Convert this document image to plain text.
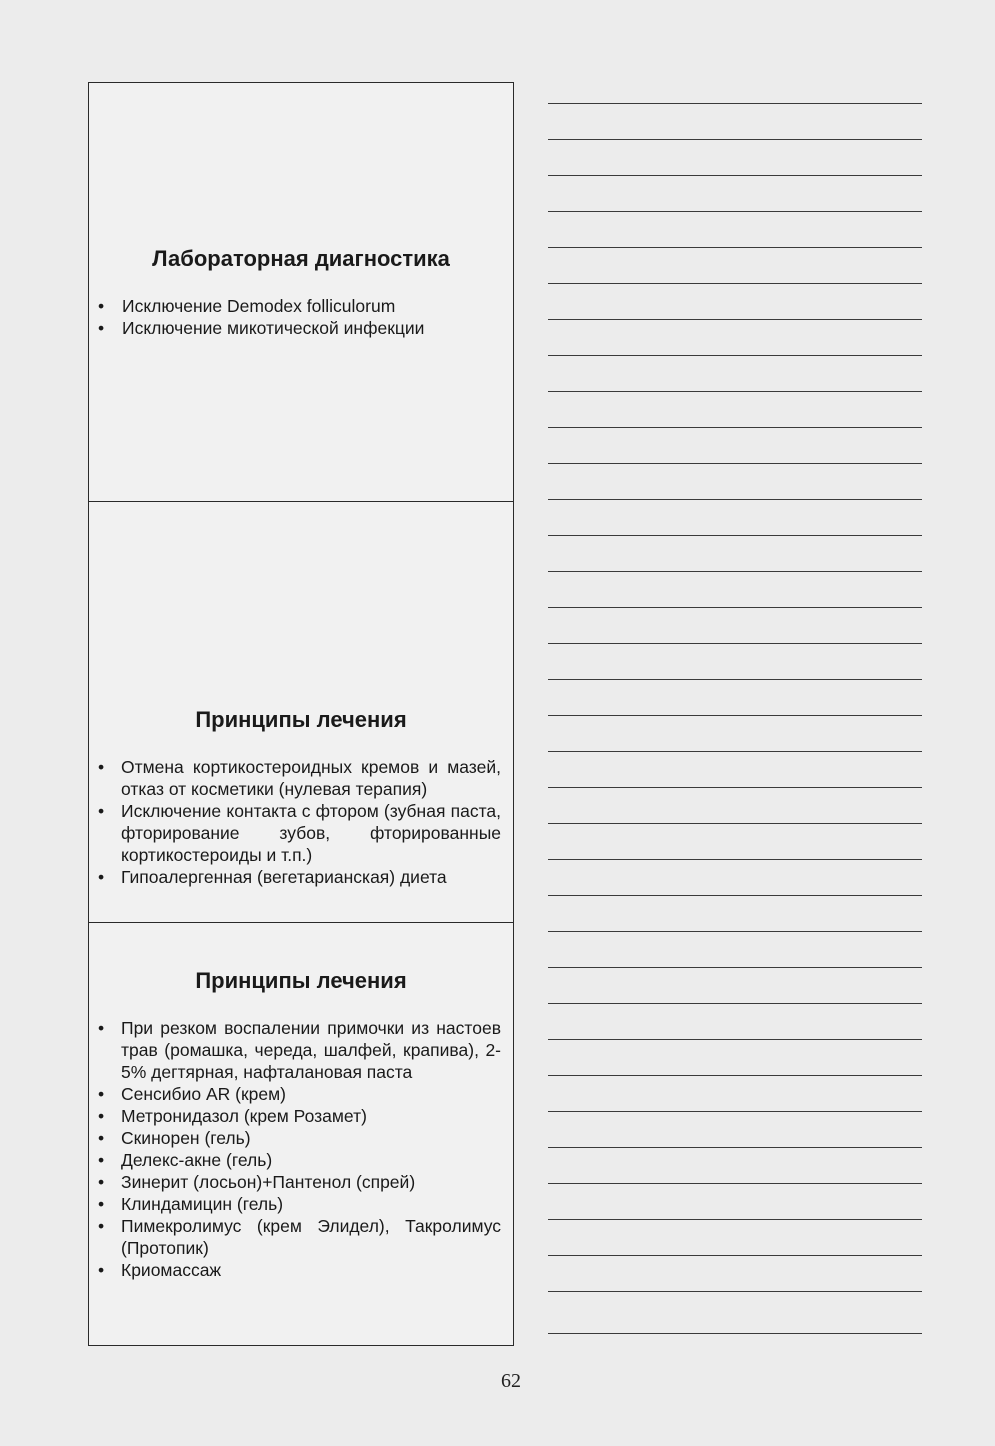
Лабораторная диагностика
• Исключение Demodex folliculorum
• Исключение микотической инфекции
Принципы лечения
• Отмена кортикостероидных кремов и мазей, отказ от косметики (нулевая терапия)
• Исключение контакта с фтором (зубная паста, фторирование зубов, фторированные кортикостероиды и т.п.)
• Гипоалергенная (вегетарианская) диета
Принципы лечения
• При резком воспалении примочки из настоев трав (ромашка, череда, шалфей, крапива), 2-5% дегтярная, нафталановая паста
• Сенсибио AR (крем)
• Метронидазол (крем Розамет)
• Скинорен (гель)
• Делекс-акне (гель)
• Зинерит (лосьон)+Пантенол (спрей)
• Клиндамицин (гель)
• Пимекролимус (крем Элидел), Такролимус (Протопик)
• Криомассаж
62
